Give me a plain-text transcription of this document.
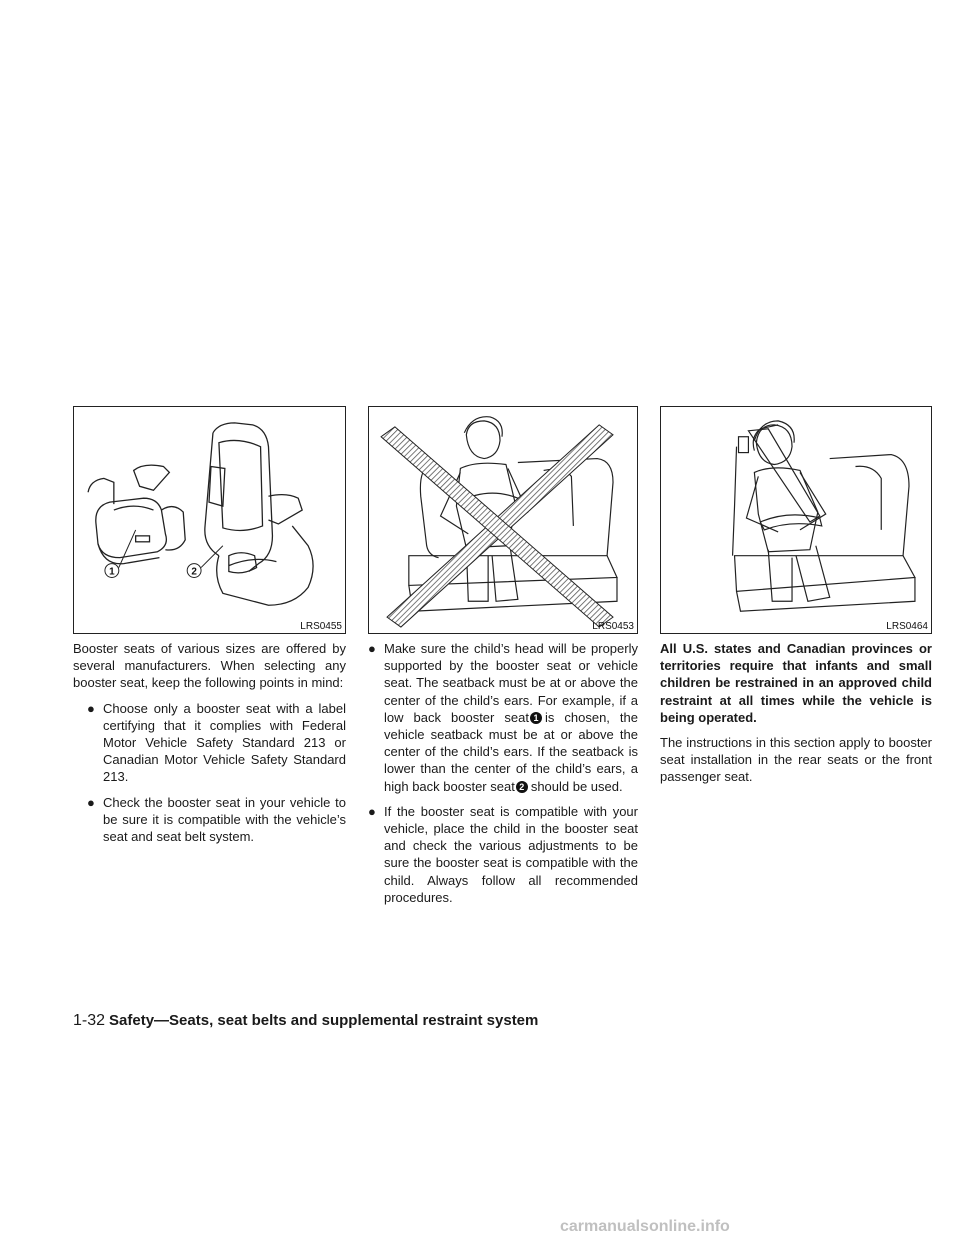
1	2
LRS0455	LRS0453	LRS0464

Booster seats of various sizes are offered by several manufacturers. When selecting any booster seat, keep the following points in mind:

● Choose only a booster seat with a label certifying that it complies with Federal Motor Vehicle Safety Standard 213 or Canadian Motor Vehicle Safety Standard 213.
● Check the booster seat in your vehicle to be sure it is compatible with the vehicle’s seat and seat belt system.
● Make sure the child’s head will be properly supported by the booster seat or vehicle seat. The seatback must be at or above the center of the child’s ears. For example, if a low back booster seat 1 is chosen, the vehicle seatback must be at or above the center of the child’s ears. If the seatback is lower than the center of the child’s ears, a high back booster seat 2 should be used.
● If the booster seat is compatible with your vehicle, place the child in the booster seat and check the various adjustments to be sure the booster seat is compatible with the child. Always follow all recommended procedures.

All U.S. states and Canadian provinces or territories require that infants and small children be restrained in an approved child restraint at all times while the vehicle is being operated.

The instructions in this section apply to booster seat installation in the rear seats or the front passenger seat.

1-32 Safety—Seats, seat belts and supplemental restraint system
carmanualsonline.info
